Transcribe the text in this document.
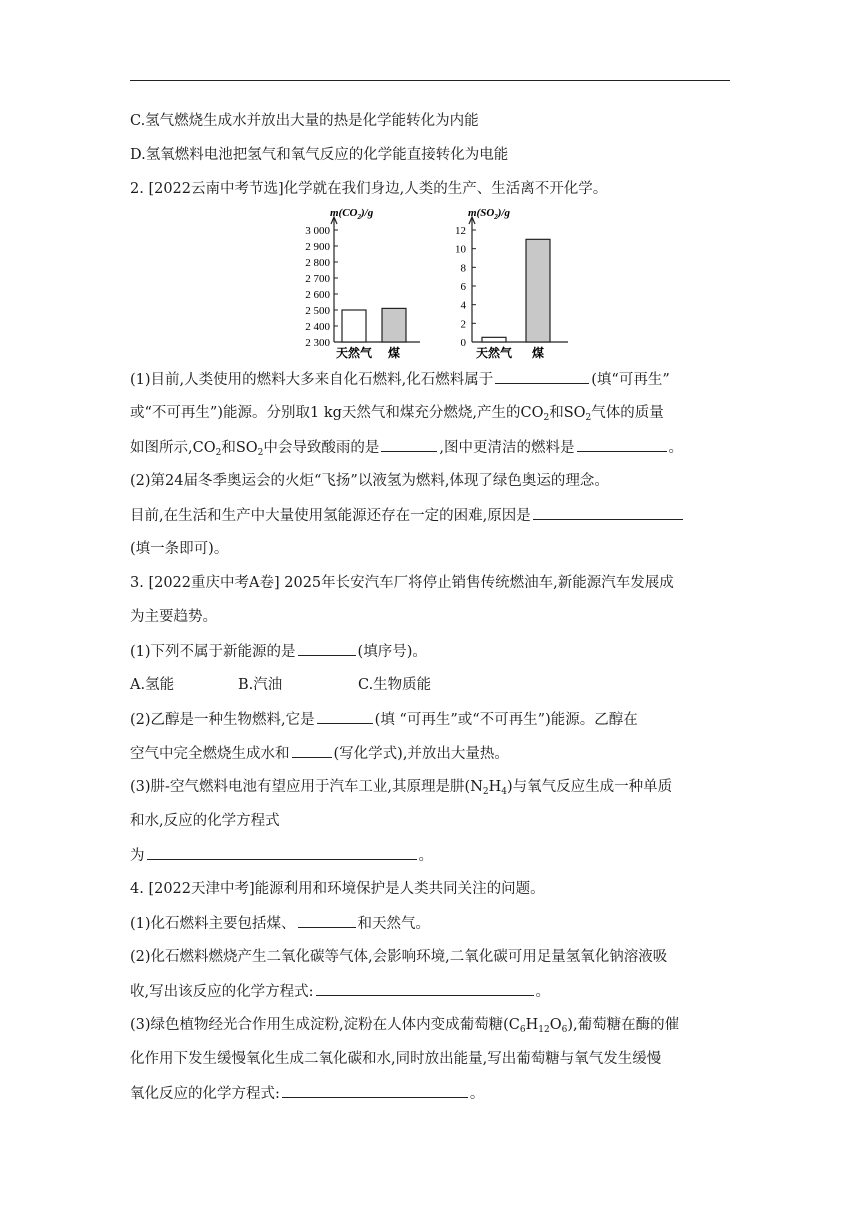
C.氢气燃烧生成水并放出大量的热是化学能转化为内能
D.氢氧燃料电池把氢气和氧气反应的化学能直接转化为电能
2. [2022云南中考节选]化学就在我们身边,人类的生产、生活离不开化学。
$m(CO_2)/g$
2 300
2 400
2 500
2 600
2 700
2 800
2 900
3 000
天然气 煤
$m(SO_2)/g$
0
2
4
6
8
10
12
天然气 煤
(1)目前,人类使用的燃料大多来自化石燃料,化石燃料属于	(填“可再生”
或“不可再生”)能源。分别取1 kg天然气和煤充分燃烧,产生的$CO_2$和$SO_2$气体的质量
如图所示$,CO_2$和$SO_2$中会导致酸雨的是	,图中更清洁的燃料是	。
(2)第24届冬季奥运会的火炬“飞扬”以液氢为燃料,体现了绿色奥运的理念。
目前,在生活和生产中大量使用氢能源还存在一定的困难,原因是
(填一条即可)。
3. [2022重庆中考A卷] 2025年长安汽车厂将停止销售传统燃油车,新能源汽车发展成
为主要趋势。
(1)下列不属于新能源的是	(填序号)。
A.氢能	B.汽油	C.生物质能
(2)乙醇是一种生物燃料,它是	(填 “可再生”或“不可再生”)能源。乙醇在
空气中完全燃烧生成水和	(写化学式),并放出大量热。
(3)肼-空气燃料电池有望应用于汽车工业,其原理是肼$(N_2H_4)$与氧气反应生成一种单质
和水,反应的化学方程式
为	。
4. [2022天津中考]能源利用和环境保护是人类共同关注的问题。
(1)化石燃料主要包括煤、	和天然气。
(2)化石燃料燃烧产生二氧化碳等气体,会影响环境,二氧化碳可用足量氢氧化钠溶液吸
收,写出该反应的化学方程式:	。
(3)绿色植物经光合作用生成淀粉,淀粉在人体内变成葡萄糖$(C_6H_{12}O_6)$,葡萄糖在酶的催
化作用下发生缓慢氧化生成二氧化碳和水,同时放出能量,写出葡萄糖与氧气发生缓慢
氧化反应的化学方程式:	。
